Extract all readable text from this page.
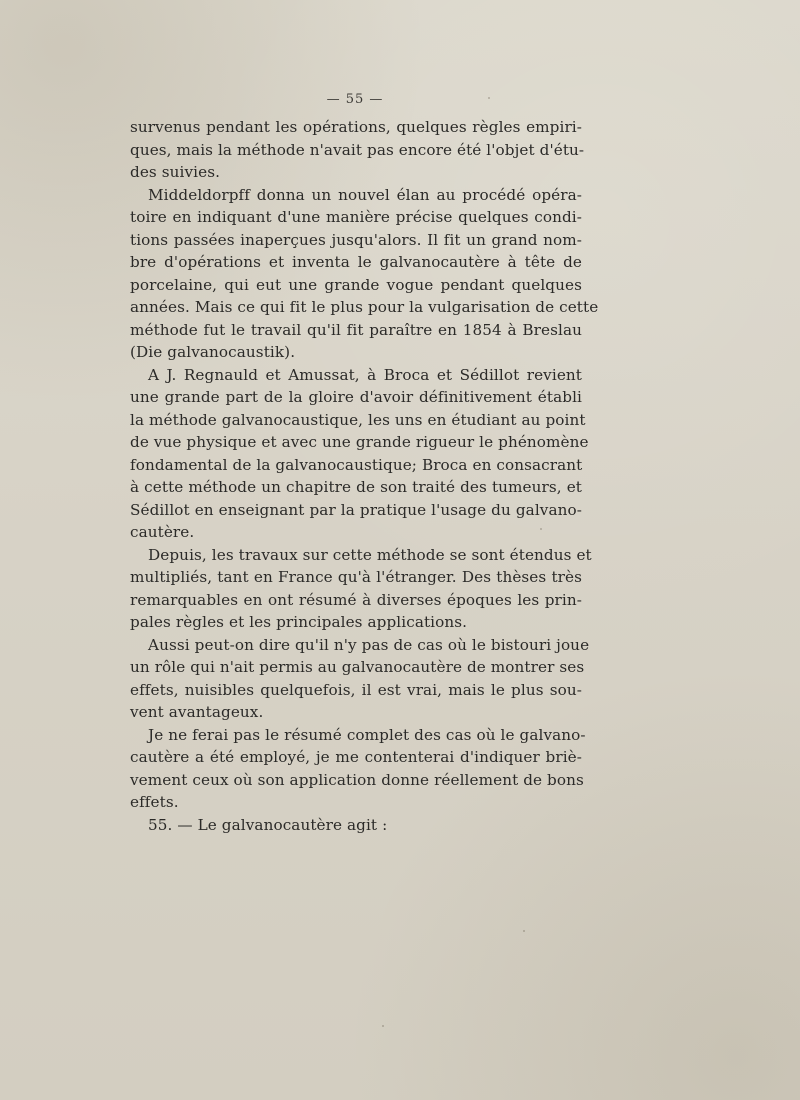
— 55 —
survenus pendant les opérations, quelques règles empiri-
ques, mais la méthode n'avait pas encore été l'objet d'étu-
des suivies.
Middeldorpff donna un nouvel élan au procédé opéra-
toire en indiquant d'une manière précise quelques condi-
tions passées inaperçues jusqu'alors. Il fit un grand nom-
bre d'opérations et inventa le galvanocautère à tête de
porcelaine, qui eut une grande vogue pendant quelques
années. Mais ce qui fit le plus pour la vulgarisation de cette
méthode fut le travail qu'il fit paraître en 1854 à Breslau
(Die galvanocaustik).
A J. Regnauld et Amussat, à Broca et Sédillot revient
une grande part de la gloire d'avoir définitivement établi
la méthode galvanocaustique, les uns en étudiant au point
de vue physique et avec une grande rigueur le phénomène
fondamental de la galvanocaustique; Broca en consacrant
à cette méthode un chapitre de son traité des tumeurs, et
Sédillot en enseignant par la pratique l'usage du galvano-
cautère.
Depuis, les travaux sur cette méthode se sont étendus et
multipliés, tant en France qu'à l'étranger. Des thèses très
remarquables en ont résumé à diverses époques les prin-
pales règles et les principales applications.
Aussi peut-on dire qu'il n'y pas de cas où le bistouri joue
un rôle qui n'ait permis au galvanocautère de montrer ses
effets, nuisibles quelquefois, il est vrai, mais le plus sou-
vent avantageux.
Je ne ferai pas le résumé complet des cas où le galvano-
cautère a été employé, je me contenterai d'indiquer briè-
vement ceux où son application donne réellement de bons
effets.
55. — Le galvanocautère agit :
